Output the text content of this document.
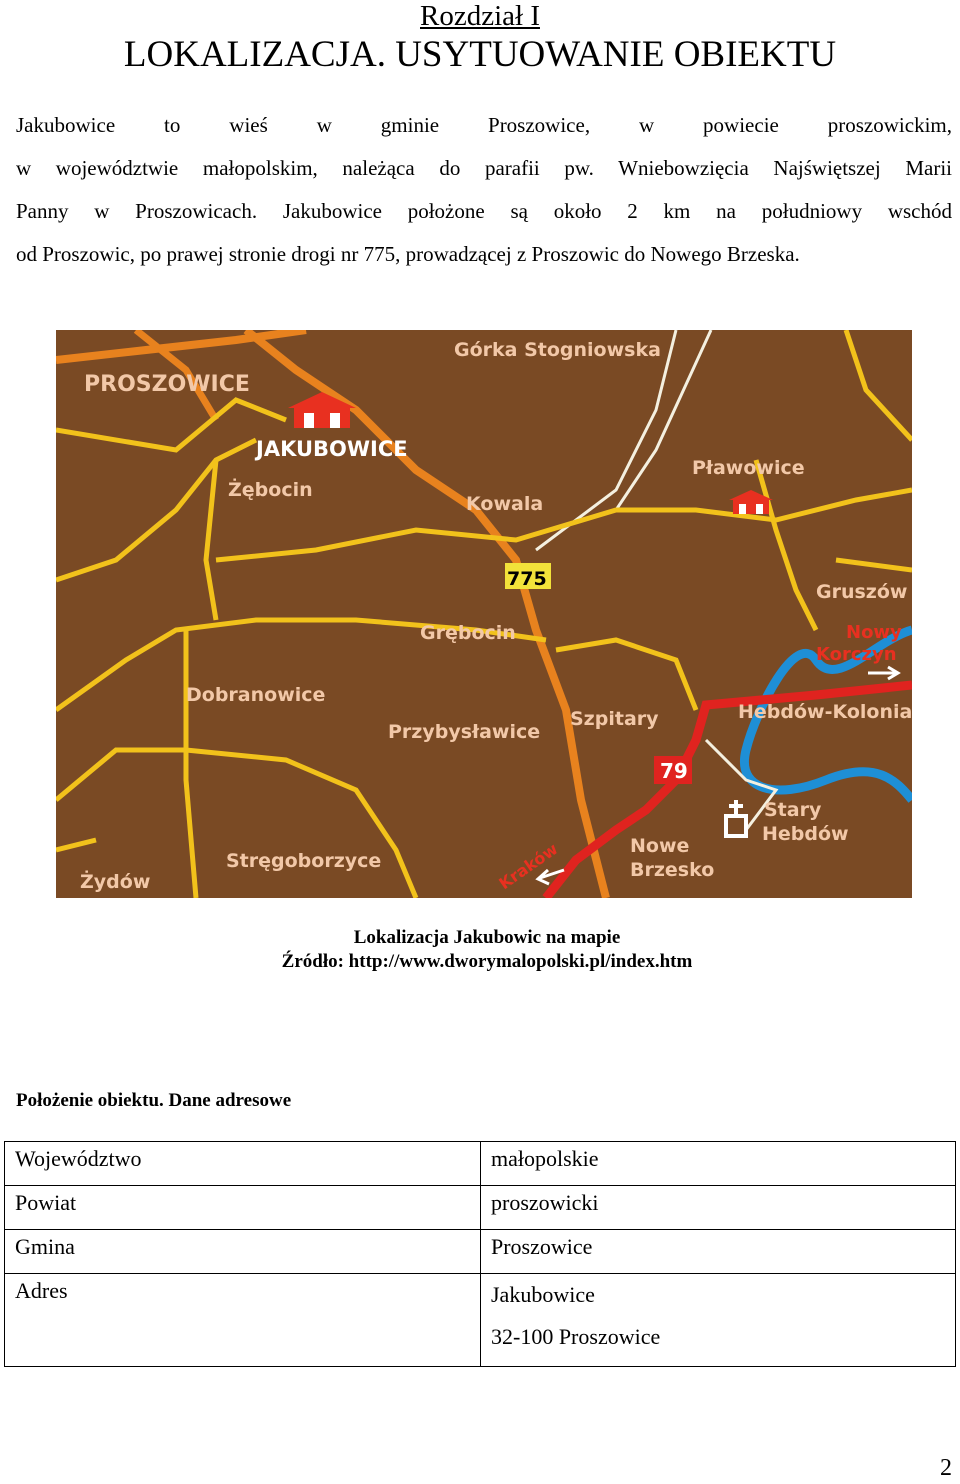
Rozdział I
LOKALIZACJA. USYTUOWANIE OBIEKTU
Jakubowice to wieś w gminie Proszowice, w powiecie proszowickim,
w województwie małopolskim, należąca do parafii pw. Wniebowzięcia Najświętszej Marii
Panny w Proszowicach. Jakubowice położone są około 2 km na południowy wschód
od Proszowic, po prawej stronie drogi nr 775, prowadzącej z Proszowic do Nowego Brzeska.
PROSZOWICE
JAKUBOWICE
Górka Stogniowska
Żębocin
Kowala
Pławowice
775
Gruszów
Grębocin	Nowy
Korczyn
Dobranowice
Szpitary	Hebdów-Kolonia
Przybysławice
79
Stary
Hebdów
Nowe
Brzesko
Kraków
Stręgoborzyce
Żydów
Lokalizacja Jakubowic na mapie
Źródło: http://www.dworymalopolski.pl/index.htm
Położenie obiektu. Dane adresowe
Województwo	małopolskie
Powiat	proszowicki
Gmina	Proszowice
Adres	Jakubowice
32-100 Proszowice
2
